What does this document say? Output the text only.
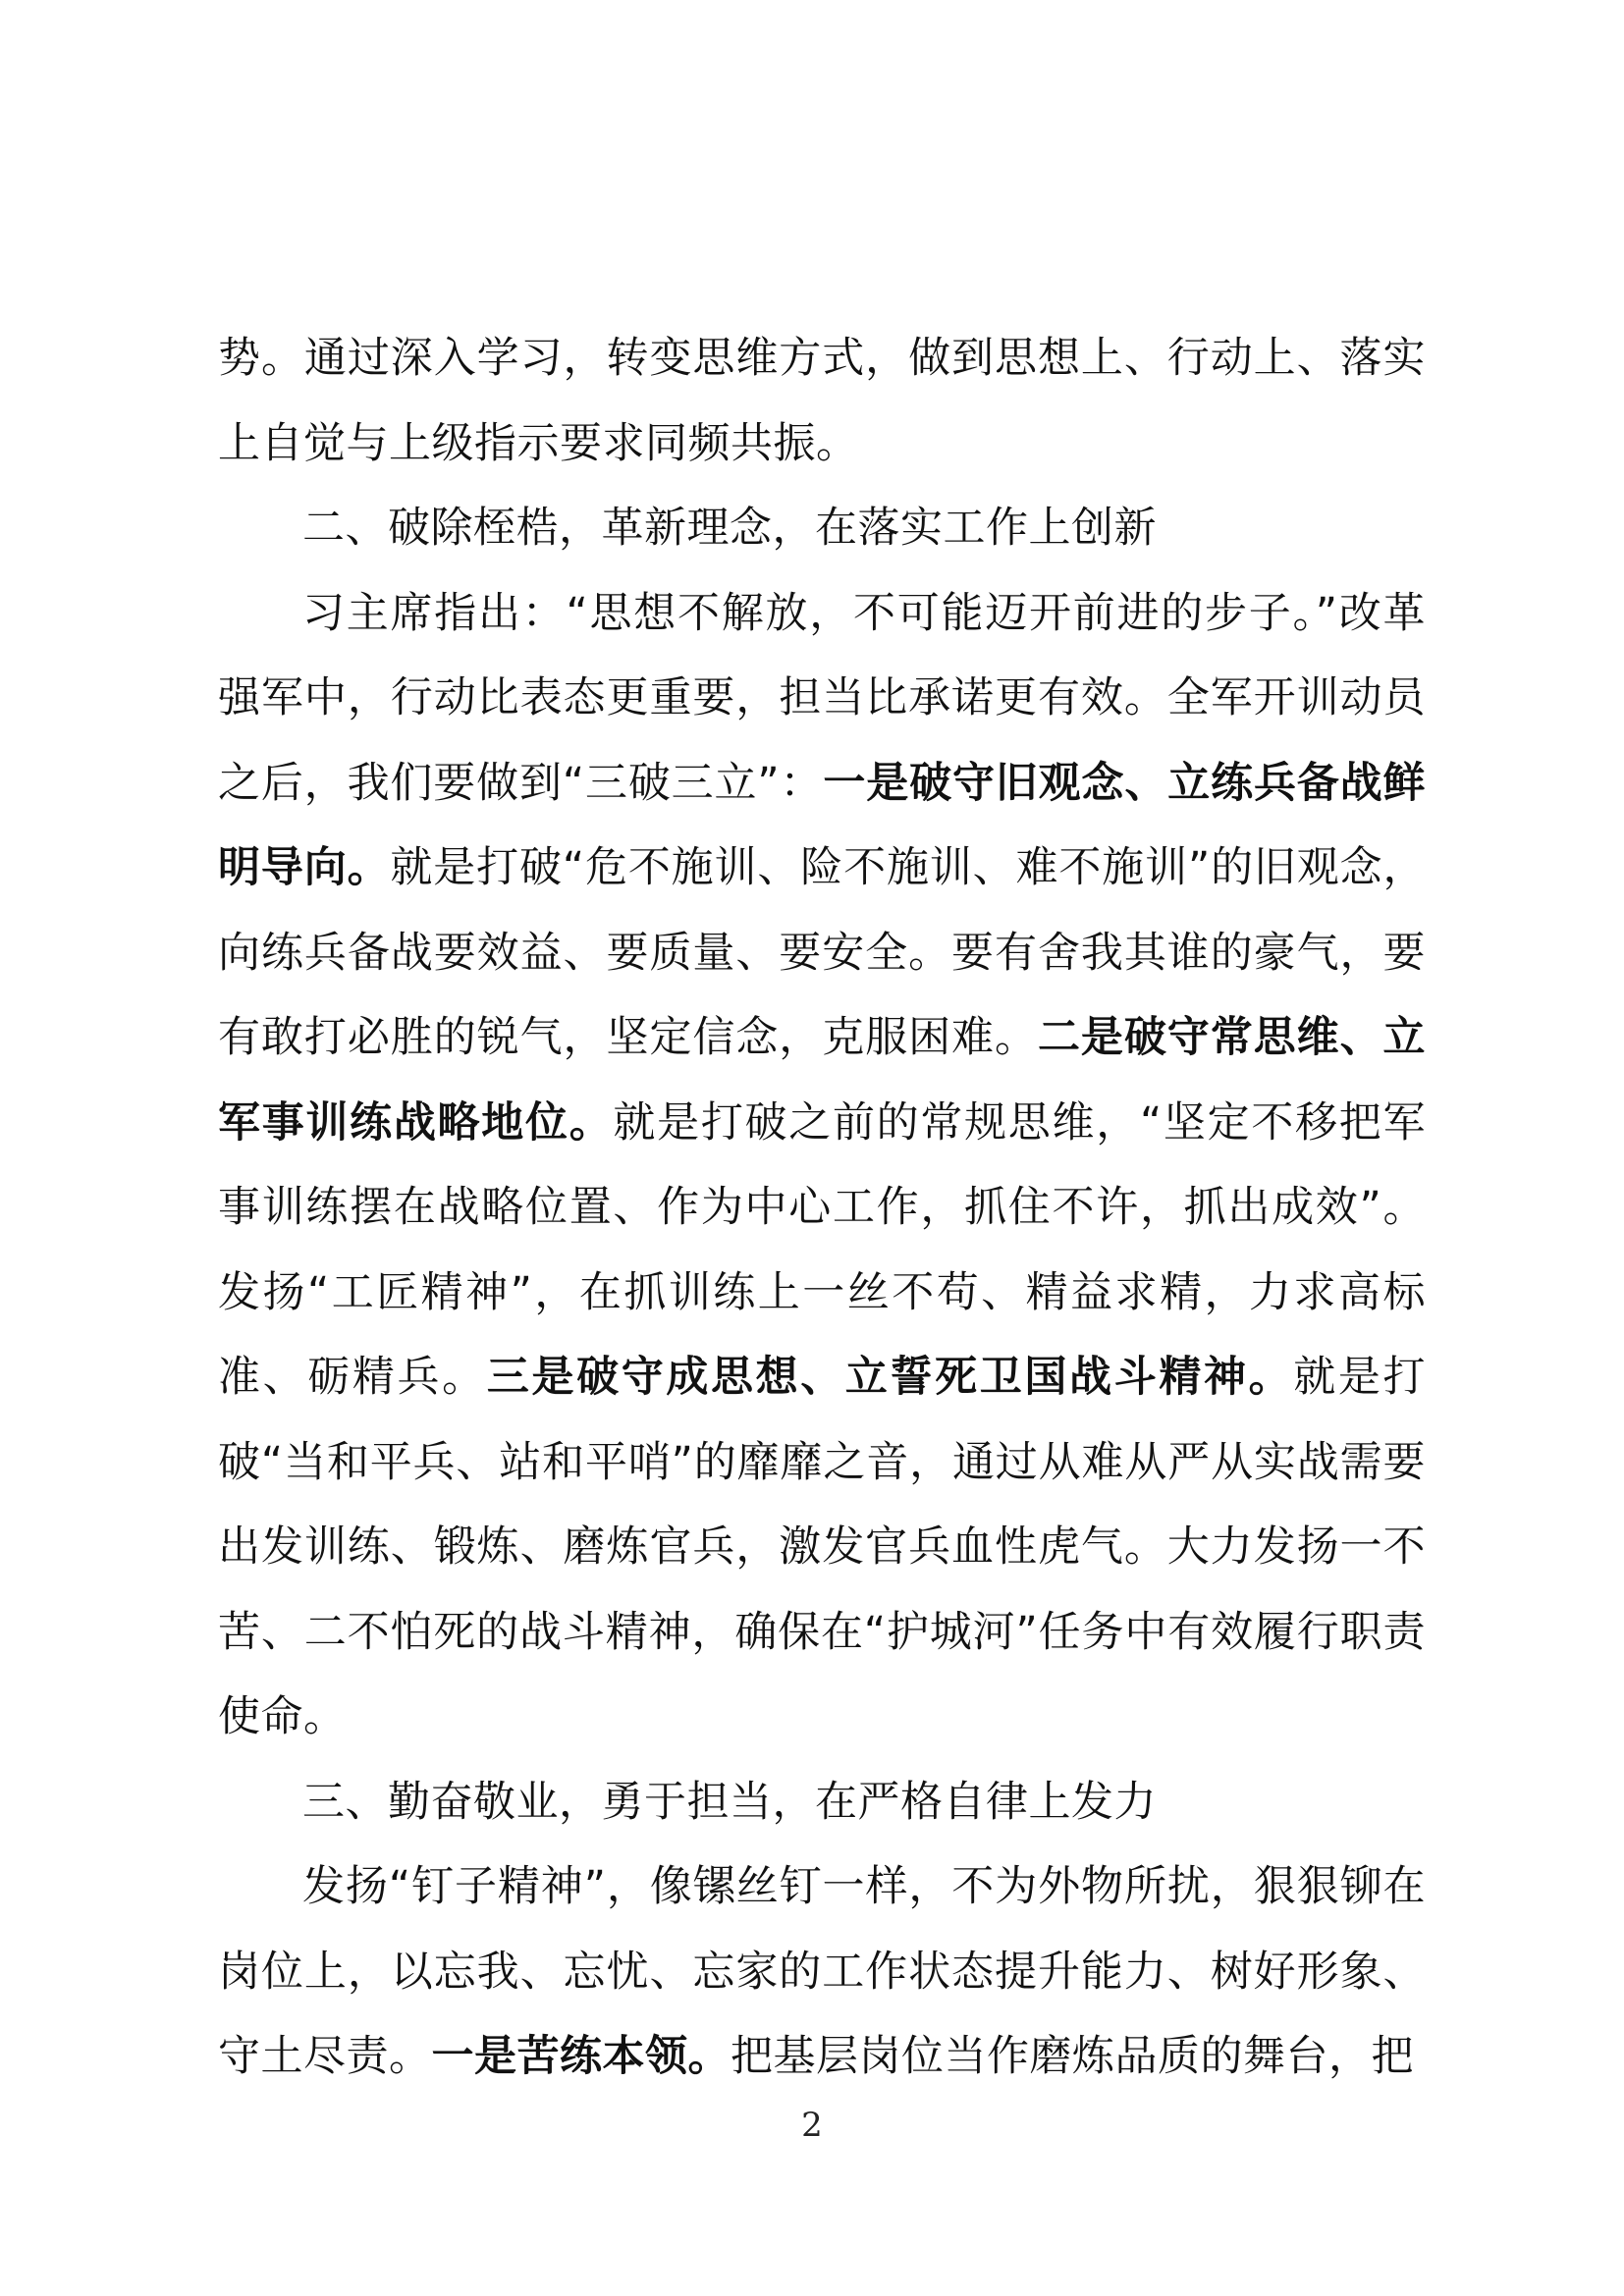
势。通过深入学习，转变思维方式，做到思想上、行动上、落实上自觉与上级指示要求同频共振。

二、破除桎梏，革新理念，在落实工作上创新

习主席指出：“思想不解放，不可能迈开前进的步子。”改革强军中，行动比表态更重要，担当比承诺更有效。全军开训动员之后，我们要做到“三破三立”：一是破守旧观念、立练兵备战鲜明导向。就是打破“危不施训、险不施训、难不施训”的旧观念，向练兵备战要效益、要质量、要安全。要有舍我其谁的豪气，要有敢打必胜的锐气，坚定信念，克服困难。二是破守常思维、立军事训练战略地位。就是打破之前的常规思维，“坚定不移把军事训练摆在战略位置、作为中心工作，抓住不许，抓出成效”。发扬“工匠精神”，在抓训练上一丝不苟、精益求精，力求高标准、砺精兵。三是破守成思想、立誓死卫国战斗精神。就是打破“当和平兵、站和平哨”的靡靡之音，通过从难从严从实战需要出发训练、锻炼、磨炼官兵，激发官兵血性虎气。大力发扬一不苦、二不怕死的战斗精神，确保在“护城河”任务中有效履行职责使命。

三、勤奋敬业，勇于担当，在严格自律上发力

发扬“钉子精神”，像镙丝钉一样，不为外物所扰，狠狠铆在岗位上，以忘我、忘忧、忘家的工作状态提升能力、树好形象、守土尽责。一是苦练本领。把基层岗位当作磨炼品质的舞台，把

2
